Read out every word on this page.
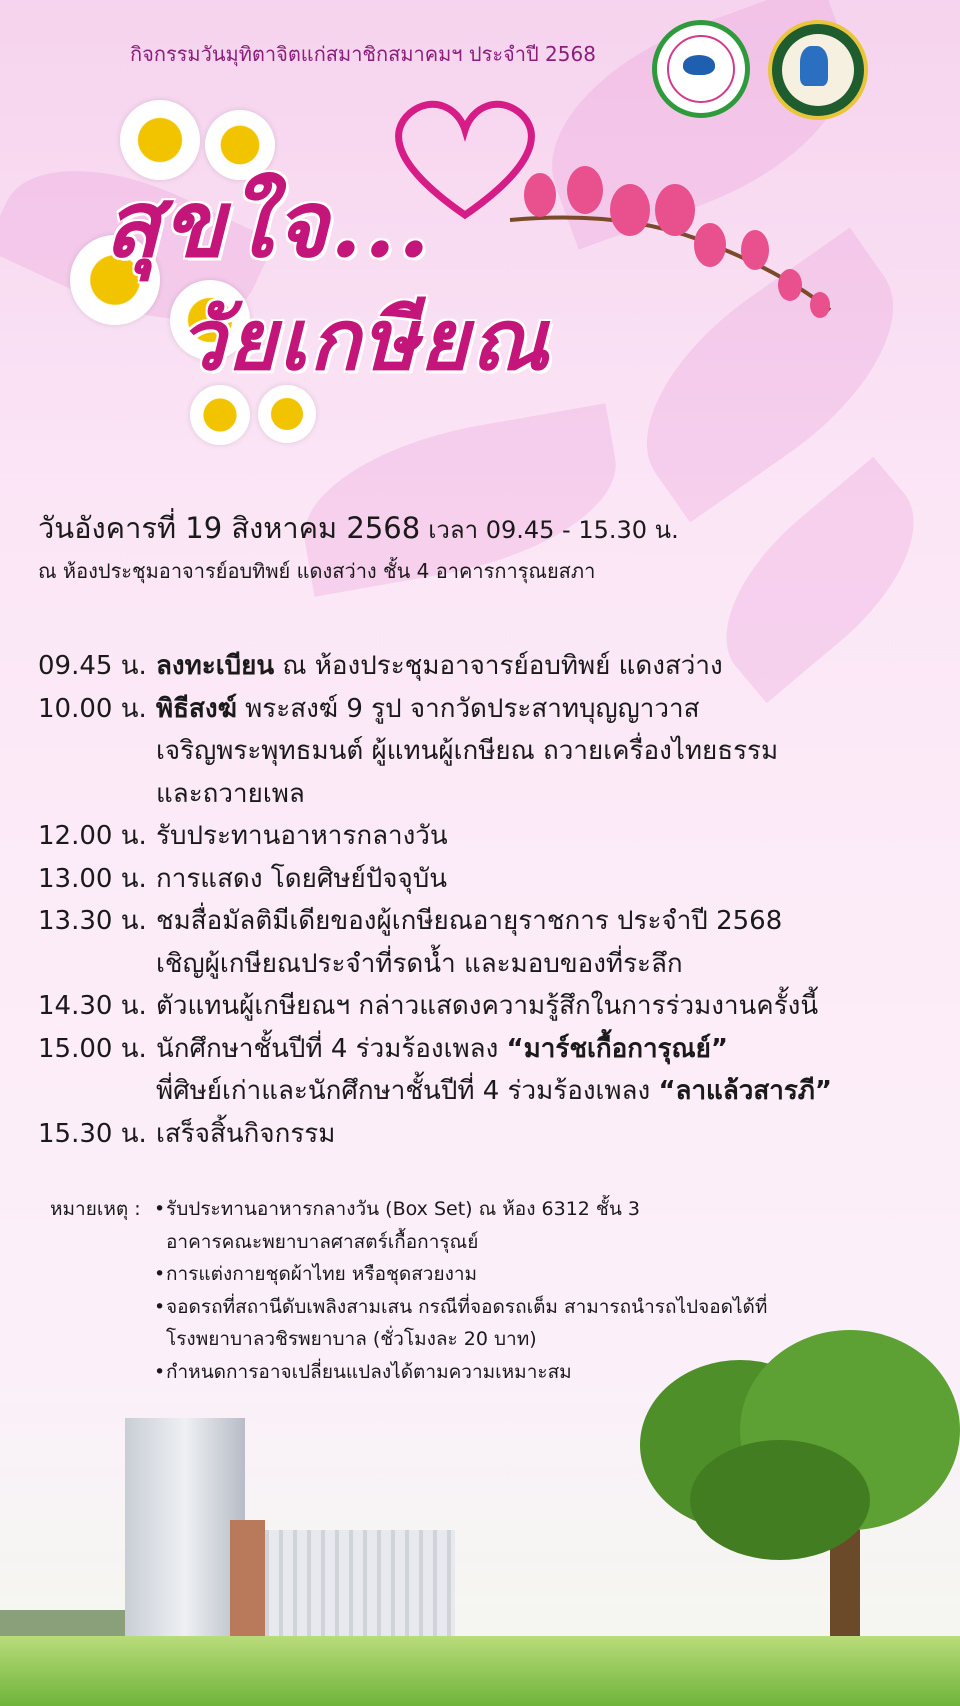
กิจกรรมวันมุทิตาจิตแก่สมาชิกสมาคมฯ ประจำปี 2568
สุขใจ...
วัยเกษียณ
วันอังคารที่ 19 สิงหาคม 2568 เวลา 09.45 - 15.30 น.
ณ ห้องประชุมอาจารย์อบทิพย์ แดงสว่าง ชั้น 4 อาคารการุณยสภา
09.45 น. ลงทะเบียน ณ ห้องประชุมอาจารย์อบทิพย์ แดงสว่าง
10.00 น. พิธีสงฆ์ พระสงฆ์ 9 รูป จากวัดประสาทบุญญาวาส
เจริญพระพุทธมนต์ ผู้แทนผู้เกษียณ ถวายเครื่องไทยธรรม
และถวายเพล
12.00 น. รับประทานอาหารกลางวัน
13.00 น. การแสดง โดยศิษย์ปัจจุบัน
13.30 น. ชมสื่อมัลติมีเดียของผู้เกษียณอายุราชการ ประจำปี 2568
เชิญผู้เกษียณประจำที่รดน้ำ และมอบของที่ระลึก
14.30 น. ตัวแทนผู้เกษียณฯ กล่าวแสดงความรู้สึกในการร่วมงานครั้งนี้
15.00 น. นักศึกษาชั้นปีที่ 4 ร่วมร้องเพลง “มาร์ชเกื้อการุณย์”
พี่ศิษย์เก่าและนักศึกษาชั้นปีที่ 4 ร่วมร้องเพลง “ลาแล้วสารภี”
15.30 น. เสร็จสิ้นกิจกรรม
หมายเหตุ : • รับประทานอาหารกลางวัน (Box Set) ณ ห้อง 6312 ชั้น 3
อาคารคณะพยาบาลศาสตร์เกื้อการุณย์
• การแต่งกายชุดผ้าไทย หรือชุดสวยงาม
• จอดรถที่สถานีดับเพลิงสามเสน กรณีที่จอดรถเต็ม สามารถนำรถไปจอดได้ที่
โรงพยาบาลวชิรพยาบาล (ชั่วโมงละ 20 บาท)
• กำหนดการอาจเปลี่ยนแปลงได้ตามความเหมาะสม
